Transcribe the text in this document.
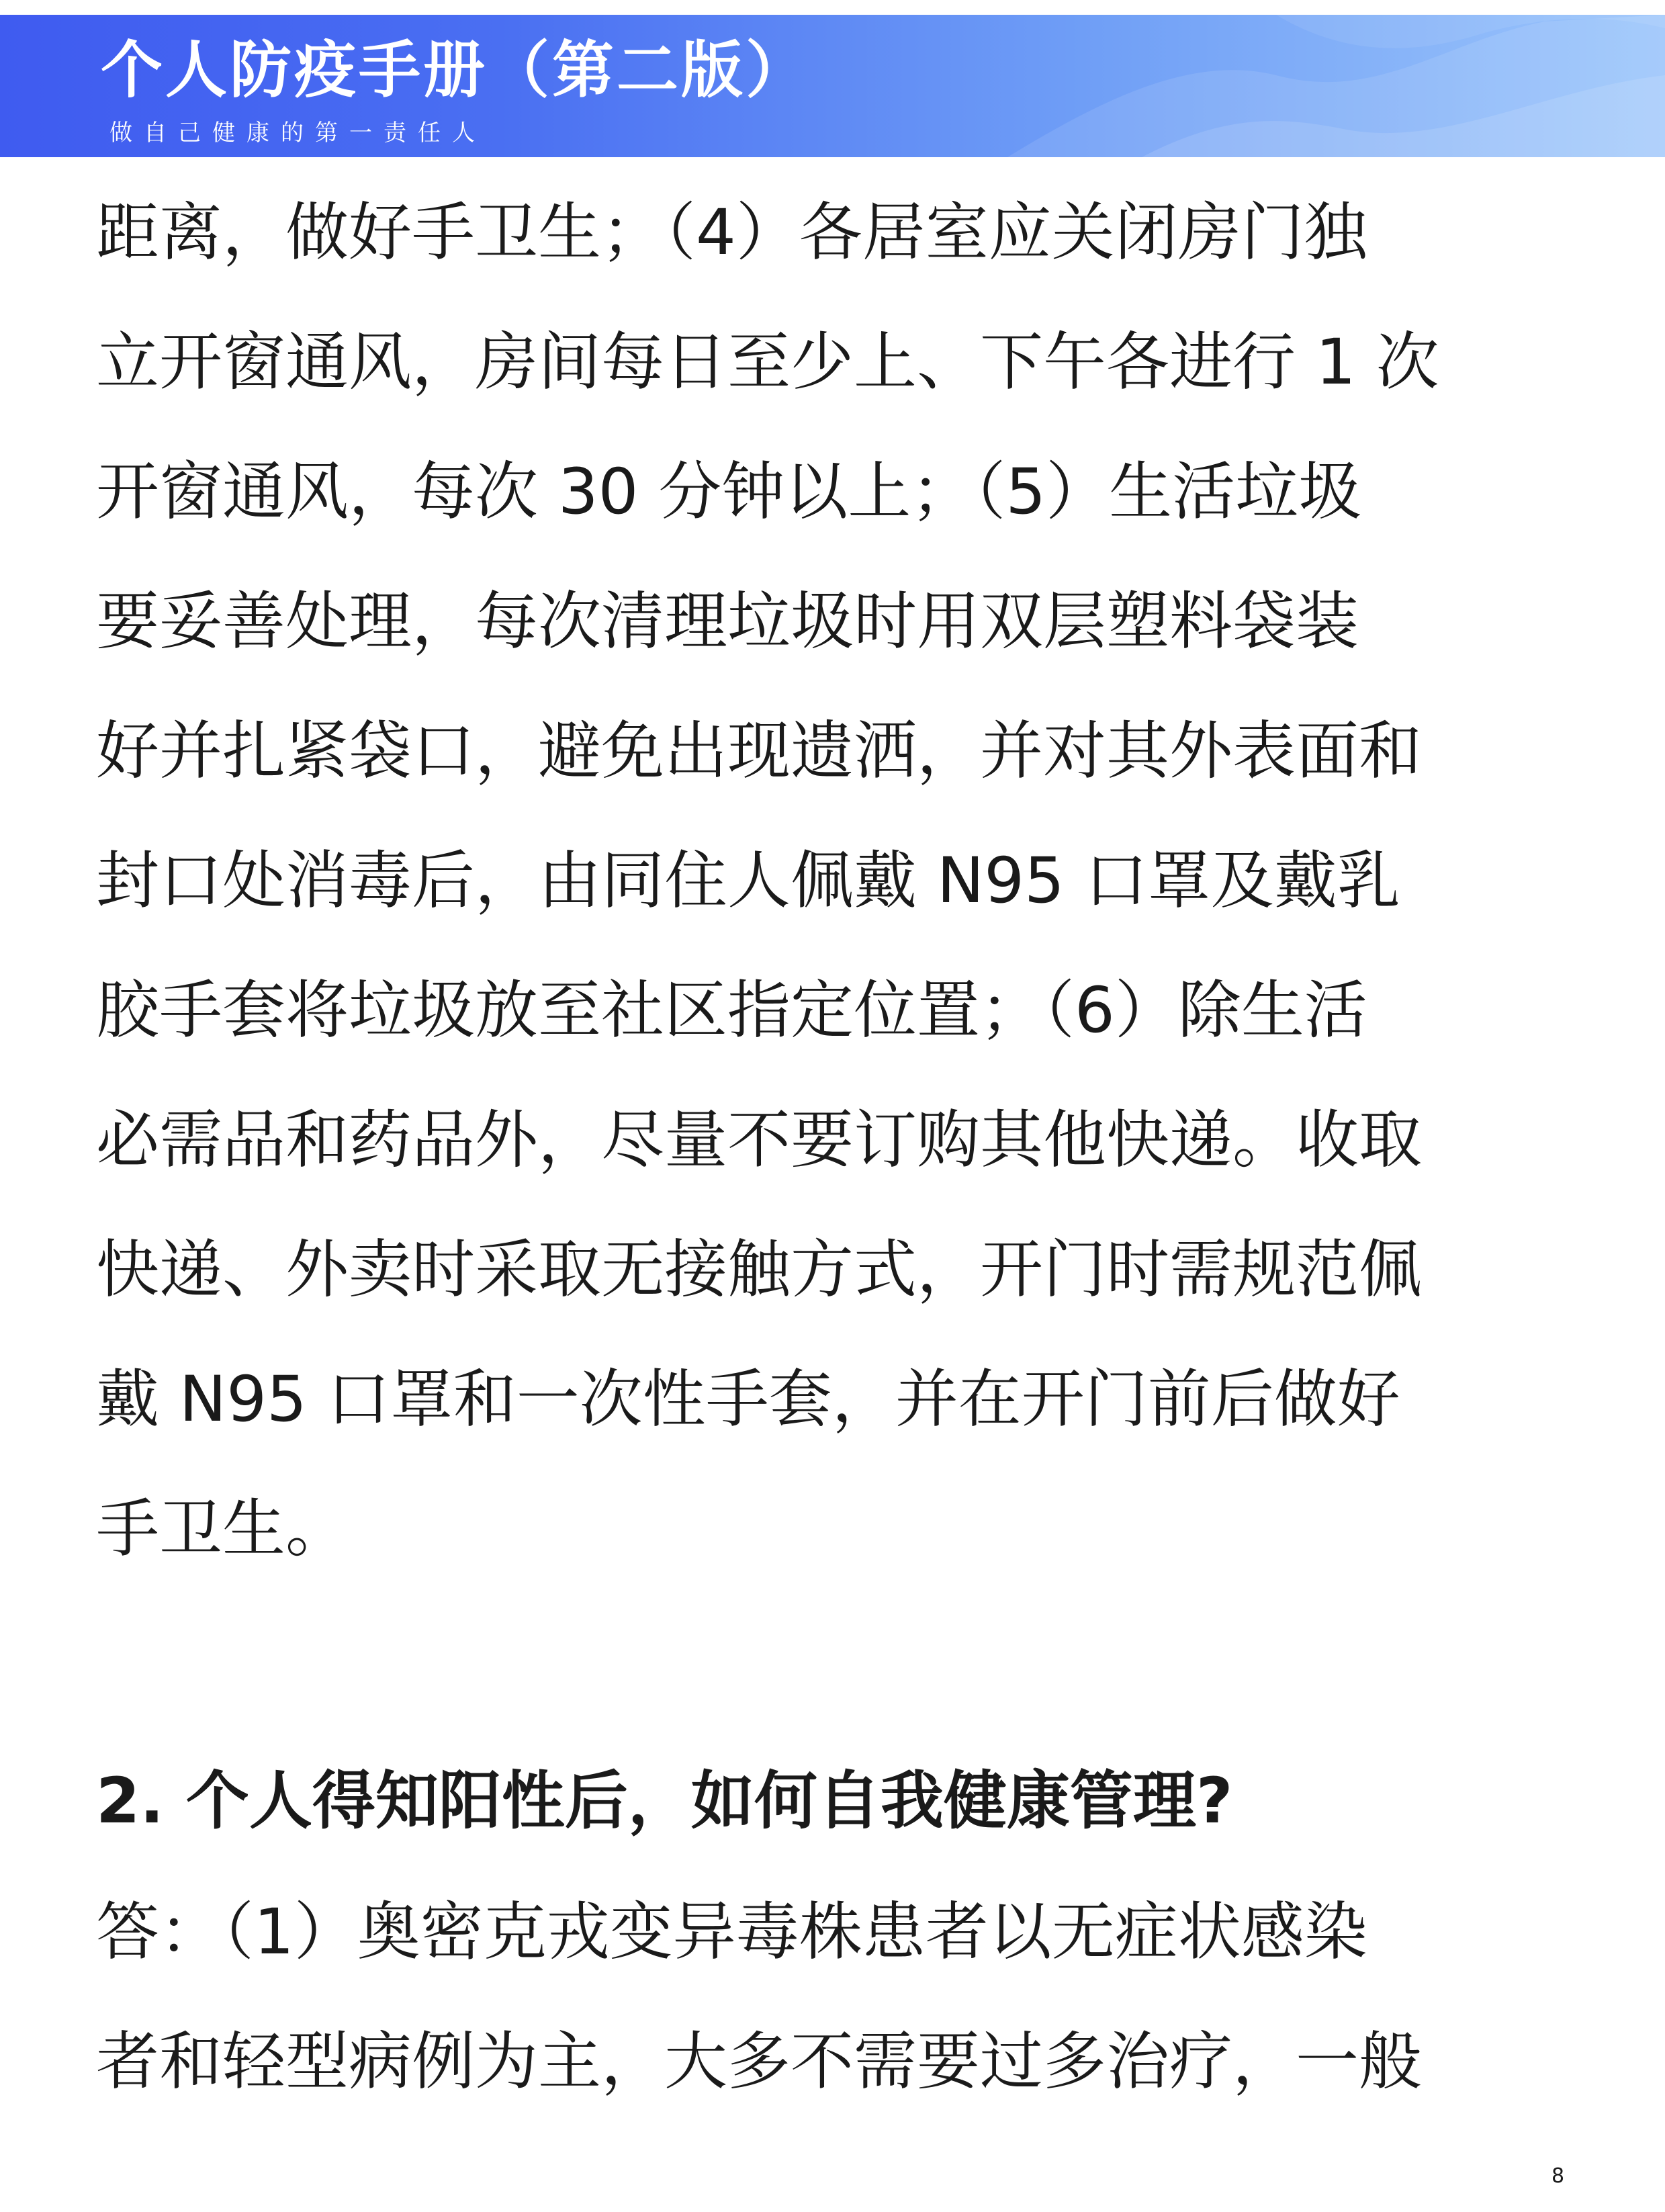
个人防疫手册（第二版）
做自己健康的第一责任人
距离，做好手卫生；（4）各居室应关闭房门独
立开窗通风，房间每日至少上、下午各进行 1 次
开窗通风，每次 30 分钟以上；（5）生活垃圾
要妥善处理，每次清理垃圾时用双层塑料袋装
好并扎紧袋口，避免出现遗洒，并对其外表面和
封口处消毒后，由同住人佩戴 N95 口罩及戴乳
胶手套将垃圾放至社区指定位置；（6）除生活
必需品和药品外，尽量不要订购其他快递。收取
快递、外卖时采取无接触方式，开门时需规范佩
戴 N95 口罩和一次性手套，并在开门前后做好
手卫生。
2. 个人得知阳性后，如何自我健康管理?
答：（1）奥密克戎变异毒株患者以无症状感染
者和轻型病例为主，大多不需要过多治疗，一般
8
